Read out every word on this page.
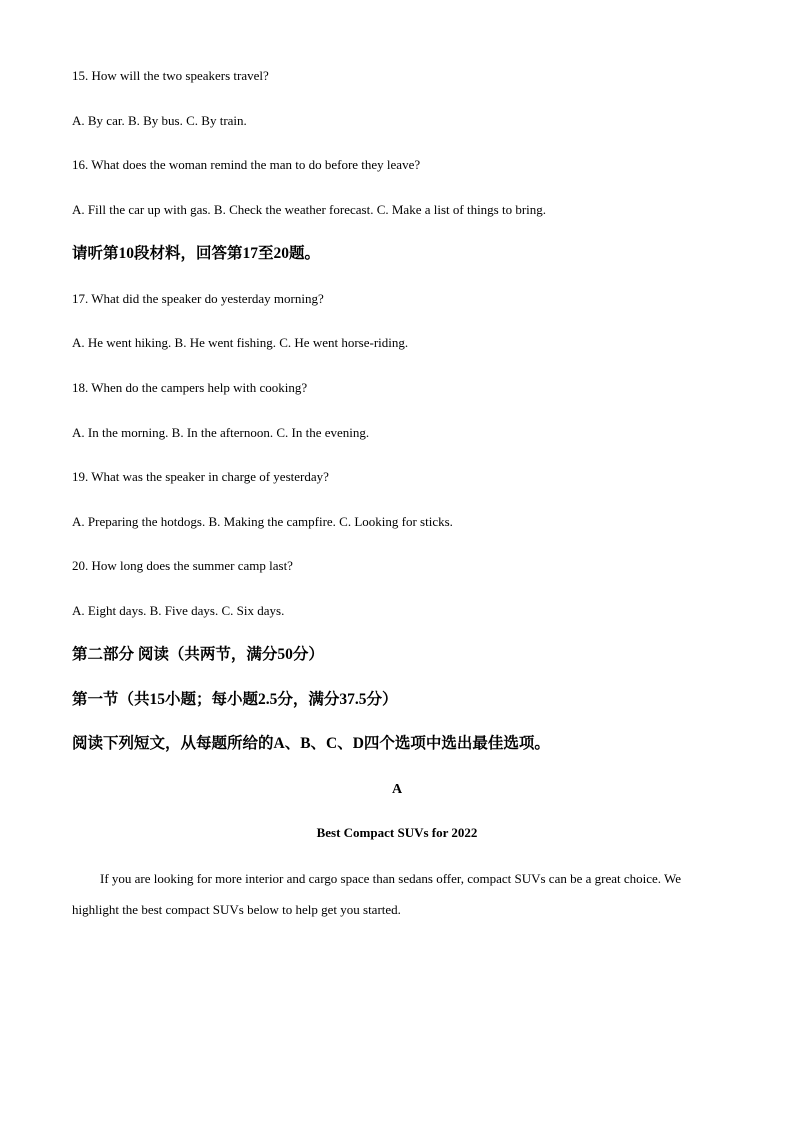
15. How will the two speakers travel?
A. By car. B. By bus. C. By train.
16. What does the woman remind the man to do before they leave?
A. Fill the car up with gas. B. Check the weather forecast. C. Make a list of things to bring.
请听第10段材料，回答第17至20题。
17. What did the speaker do yesterday morning?
A. He went hiking. B. He went fishing. C. He went horse-riding.
18. When do the campers help with cooking?
A. In the morning. B. In the afternoon. C. In the evening.
19. What was the speaker in charge of yesterday?
A. Preparing the hotdogs. B. Making the campfire. C. Looking for sticks.
20. How long does the summer camp last?
A. Eight days. B. Five days. C. Six days.
第二部分 阅读（共两节，满分50分）
第一节（共15小题；每小题2.5分，满分37.5分）
阅读下列短文，从每题所给的A、B、C、D四个选项中选出最佳选项。
A
Best Compact SUVs for 2022
If you are looking for more interior and cargo space than sedans offer, compact SUVs can be a great choice. We highlight the best compact SUVs below to help get you started.
